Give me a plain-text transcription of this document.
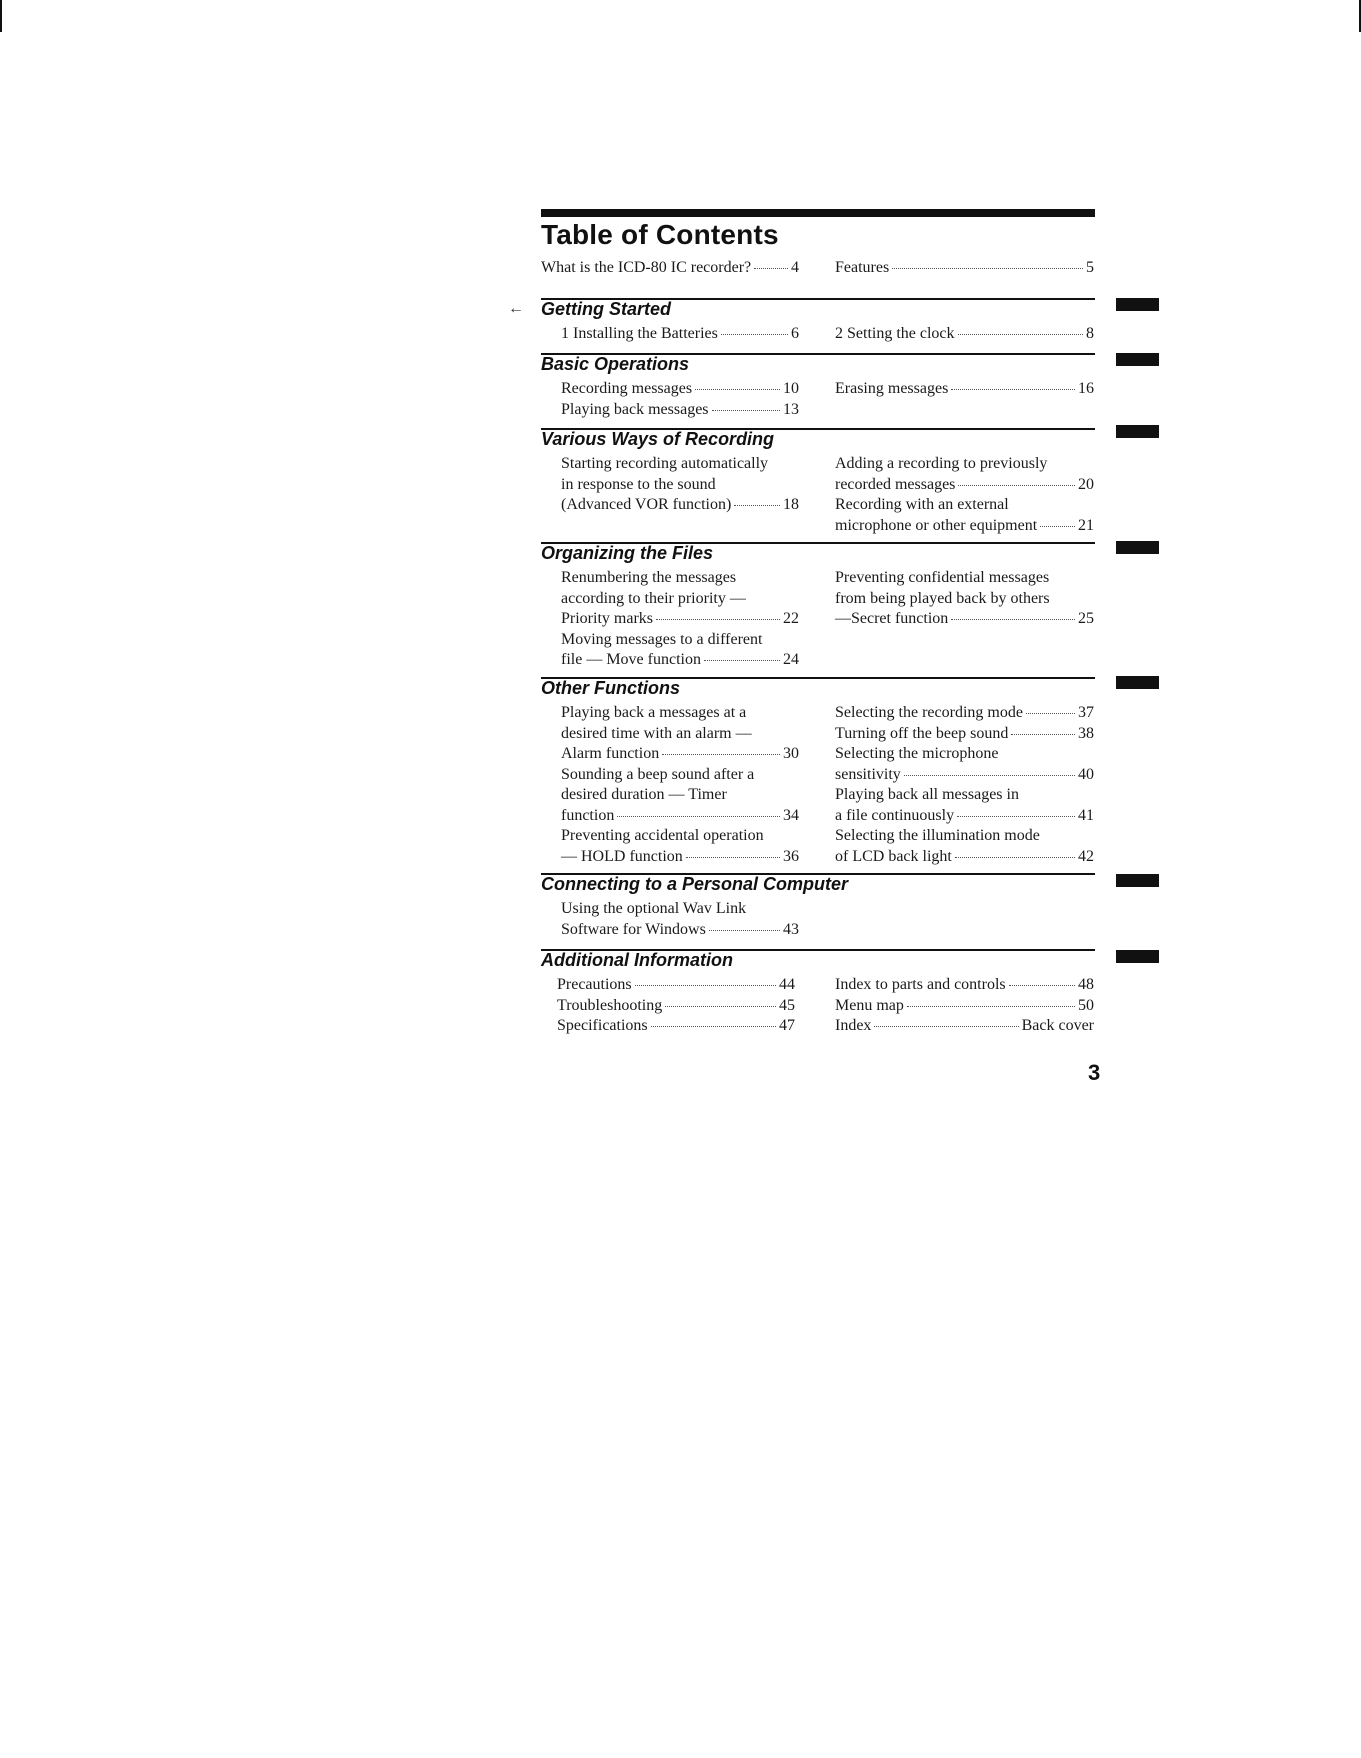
Table of Contents
What is the ICD-80 IC recorder? 4 Features	5
Getting Started
1 Installing the Batteries	6 2 Setting the clock	8
Basic Operations
Recording messages	10
Playing back messages	13
Erasing messages	16
Various Ways of Recording
Starting recording automatically
in response to the sound
(Advanced VOR function)	18
Adding a recording to previously
recorded messages	20
Recording with an external
microphone or other equipment	21
Organizing the Files
Renumbering the messages
according to their priority —
Priority marks	22
Moving messages to a different
file — Move function	24
Preventing confidential messages
from being played back by others
—Secret function	25
Other Functions
Playing back a messages at a
desired time with an alarm —
Alarm function	30
Sounding a beep sound after a
desired duration — Timer
function	34
Preventing accidental operation
— HOLD function	36
Selecting the recording mode	37
Turning off the beep sound	38
Selecting the microphone
sensitivity	40
Playing back all messages in
a file continuously	41
Selecting the illumination mode
of LCD back light	42
Connecting to a Personal Computer
Using the optional Wav Link
Software for Windows	43
Additional Information
Precautions	44
Troubleshooting	45
Specifications	47
Index to parts and controls	48
Menu map	50
Index	Back cover
←
3
